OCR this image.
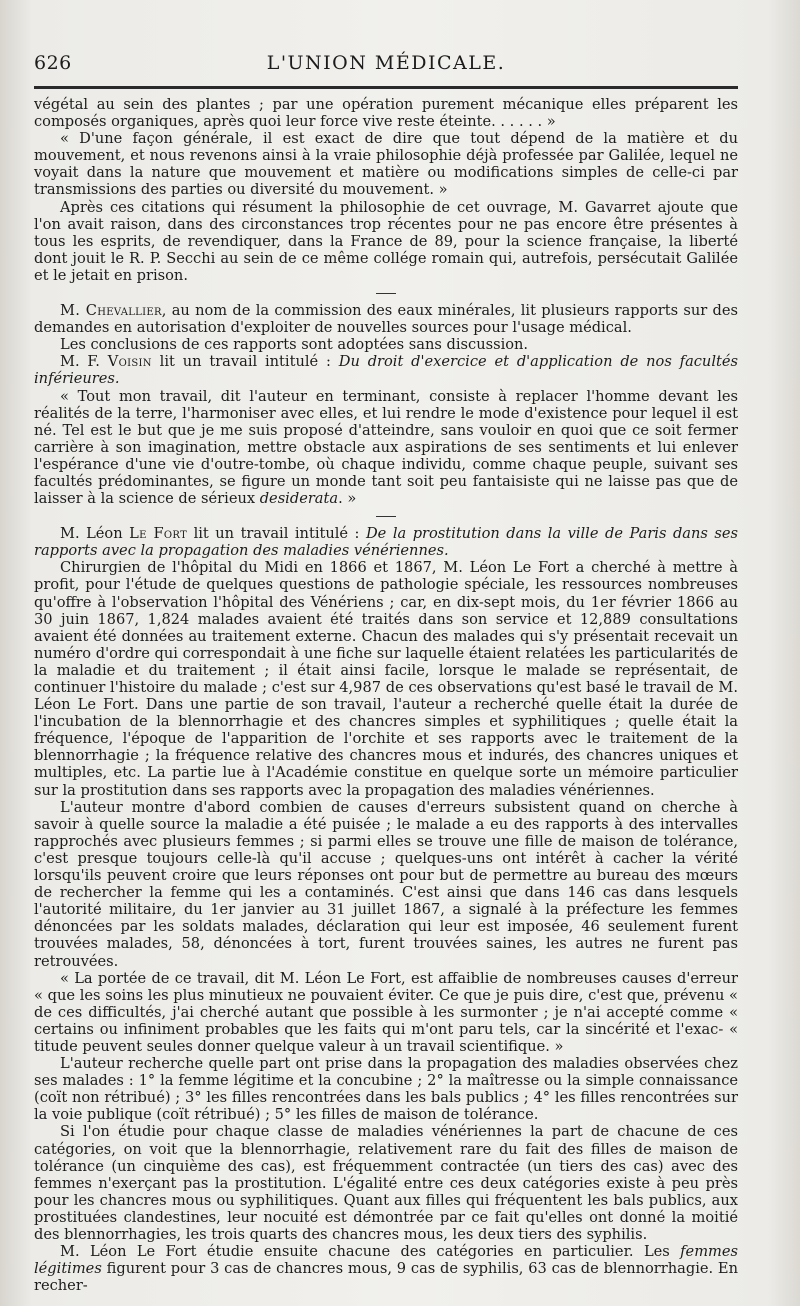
626	L'UNION MÉDICALE.

végétal au sein des plantes ; par une opération purement mécanique elles préparent les composés organiques, après quoi leur force vive reste éteinte. . . . . . »

« D'une façon générale, il est exact de dire que tout dépend de la matière et du mouvement, et nous revenons ainsi à la vraie philosophie déjà professée par Galilée, lequel ne voyait dans la nature que mouvement et matière ou modifications simples de celle-ci par transmissions des parties ou diversité du mouvement. »

Après ces citations qui résument la philosophie de cet ouvrage, M. Gavarret ajoute que l'on avait raison, dans des circonstances trop récentes pour ne pas encore être présentes à tous les esprits, de revendiquer, dans la France de 89, pour la science française, la liberté dont jouit le R. P. Secchi au sein de ce même collége romain qui, autrefois, persécutait Galilée et le jetait en prison.

M. Chevallier, au nom de la commission des eaux minérales, lit plusieurs rapports sur des demandes en autorisation d'exploiter de nouvelles sources pour l'usage médical.

Les conclusions de ces rapports sont adoptées sans discussion.

M. F. Voisin lit un travail intitulé : Du droit d'exercice et d'application de nos facultés inférieures.

« Tout mon travail, dit l'auteur en terminant, consiste à replacer l'homme devant les réalités de la terre, l'harmoniser avec elles, et lui rendre le mode d'existence pour lequel il est né. Tel est le but que je me suis proposé d'atteindre, sans vouloir en quoi que ce soit fermer carrière à son imagination, mettre obstacle aux aspirations de ses sentiments et lui enlever l'espérance d'une vie d'outre-tombe, où chaque individu, comme chaque peuple, suivant ses facultés prédominantes, se figure un monde tant soit peu fantaisiste qui ne laisse pas que de laisser à la science de sérieux desiderata. »

M. Léon Le Fort lit un travail intitulé : De la prostitution dans la ville de Paris dans ses rapports avec la propagation des maladies vénériennes.

Chirurgien de l'hôpital du Midi en 1866 et 1867, M. Léon Le Fort a cherché à mettre à profit, pour l'étude de quelques questions de pathologie spéciale, les ressources nombreuses qu'offre à l'observation l'hôpital des Vénériens ; car, en dix-sept mois, du 1er février 1866 au 30 juin 1867, 1,824 malades avaient été traités dans son service et 12,889 consultations avaient été données au traitement externe. Chacun des malades qui s'y présentait recevait un numéro d'ordre qui correspondait à une fiche sur laquelle étaient relatées les particularités de la maladie et du traitement ; il était ainsi facile, lorsque le malade se représentait, de continuer l'histoire du malade ; c'est sur 4,987 de ces observations qu'est basé le travail de M. Léon Le Fort. Dans une partie de son travail, l'auteur a recherché quelle était la durée de l'incubation de la blennorrhagie et des chancres simples et syphilitiques ; quelle était la fréquence, l'époque de l'apparition de l'orchite et ses rapports avec le traitement de la blennorrhagie ; la fréquence relative des chancres mous et indurés, des chancres uniques et multiples, etc. La partie lue à l'Académie constitue en quelque sorte un mémoire particulier sur la prostitution dans ses rapports avec la propagation des maladies vénériennes.

L'auteur montre d'abord combien de causes d'erreurs subsistent quand on cherche à savoir à quelle source la maladie a été puisée ; le malade a eu des rapports à des intervalles rapprochés avec plusieurs femmes ; si parmi elles se trouve une fille de maison de tolérance, c'est presque toujours celle-là qu'il accuse ; quelques-uns ont intérêt à cacher la vérité lorsqu'ils peuvent croire que leurs réponses ont pour but de permettre au bureau des mœurs de rechercher la femme qui les a contaminés. C'est ainsi que dans 146 cas dans lesquels l'autorité militaire, du 1er janvier au 31 juillet 1867, a signalé à la préfecture les femmes dénoncées par les soldats malades, déclaration qui leur est imposée, 46 seulement furent trouvées malades, 58, dénoncées à tort, furent trouvées saines, les autres ne furent pas retrouvées.

« La portée de ce travail, dit M. Léon Le Fort, est affaiblie de nombreuses causes d'erreur « que les soins les plus minutieux ne pouvaient éviter. Ce que je puis dire, c'est que, prévenu « de ces difficultés, j'ai cherché autant que possible à les surmonter ; je n'ai accepté comme « certains ou infiniment probables que les faits qui m'ont paru tels, car la sincérité et l'exac- « titude peuvent seules donner quelque valeur à un travail scientifique. »

L'auteur recherche quelle part ont prise dans la propagation des maladies observées chez ses malades : 1° la femme légitime et la concubine ; 2° la maîtresse ou la simple connaissance (coït non rétribué) ; 3° les filles rencontrées dans les bals publics ; 4° les filles rencontrées sur la voie publique (coït rétribué) ; 5° les filles de maison de tolérance.

Si l'on étudie pour chaque classe de maladies vénériennes la part de chacune de ces catégories, on voit que la blennorrhagie, relativement rare du fait des filles de maison de tolérance (un cinquième des cas), est fréquemment contractée (un tiers des cas) avec des femmes n'exerçant pas la prostitution. L'égalité entre ces deux catégories existe à peu près pour les chancres mous ou syphilitiques. Quant aux filles qui fréquentent les bals publics, aux prostituées clandestines, leur nocuité est démontrée par ce fait qu'elles ont donné la moitié des blennorrhagies, les trois quarts des chancres mous, les deux tiers des syphilis.

M. Léon Le Fort étudie ensuite chacune des catégories en particulier. Les femmes légitimes figurent pour 3 cas de chancres mous, 9 cas de syphilis, 63 cas de blennorrhagie. En recher-
